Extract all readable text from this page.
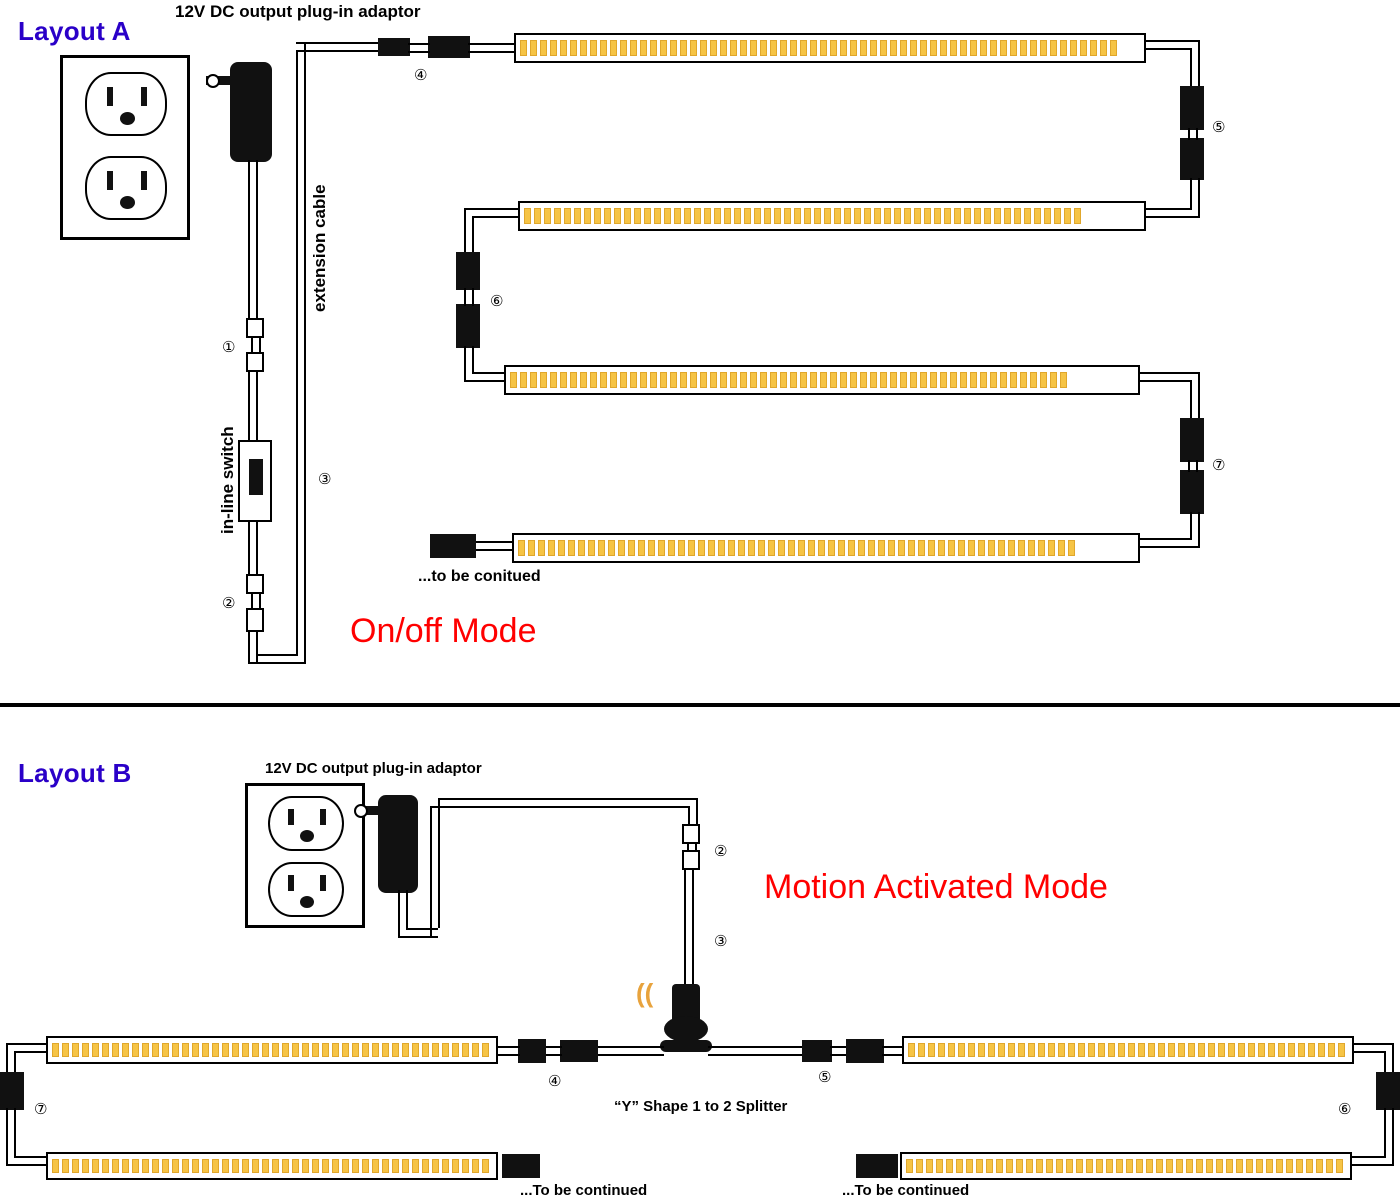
Layout A
12V DC output plug-in adaptor
On/off Mode
①
in-line switch
②
extension cable
③
④
⑤
⑥
⑦
...to be conitued
Layout B	12V DC output plug-in adaptor
Motion Activated Mode
②
③
((
“Y” Shape 1 to 2 Splitter
④	⑤
⑦
...To be continued
⑥
...To be continued
